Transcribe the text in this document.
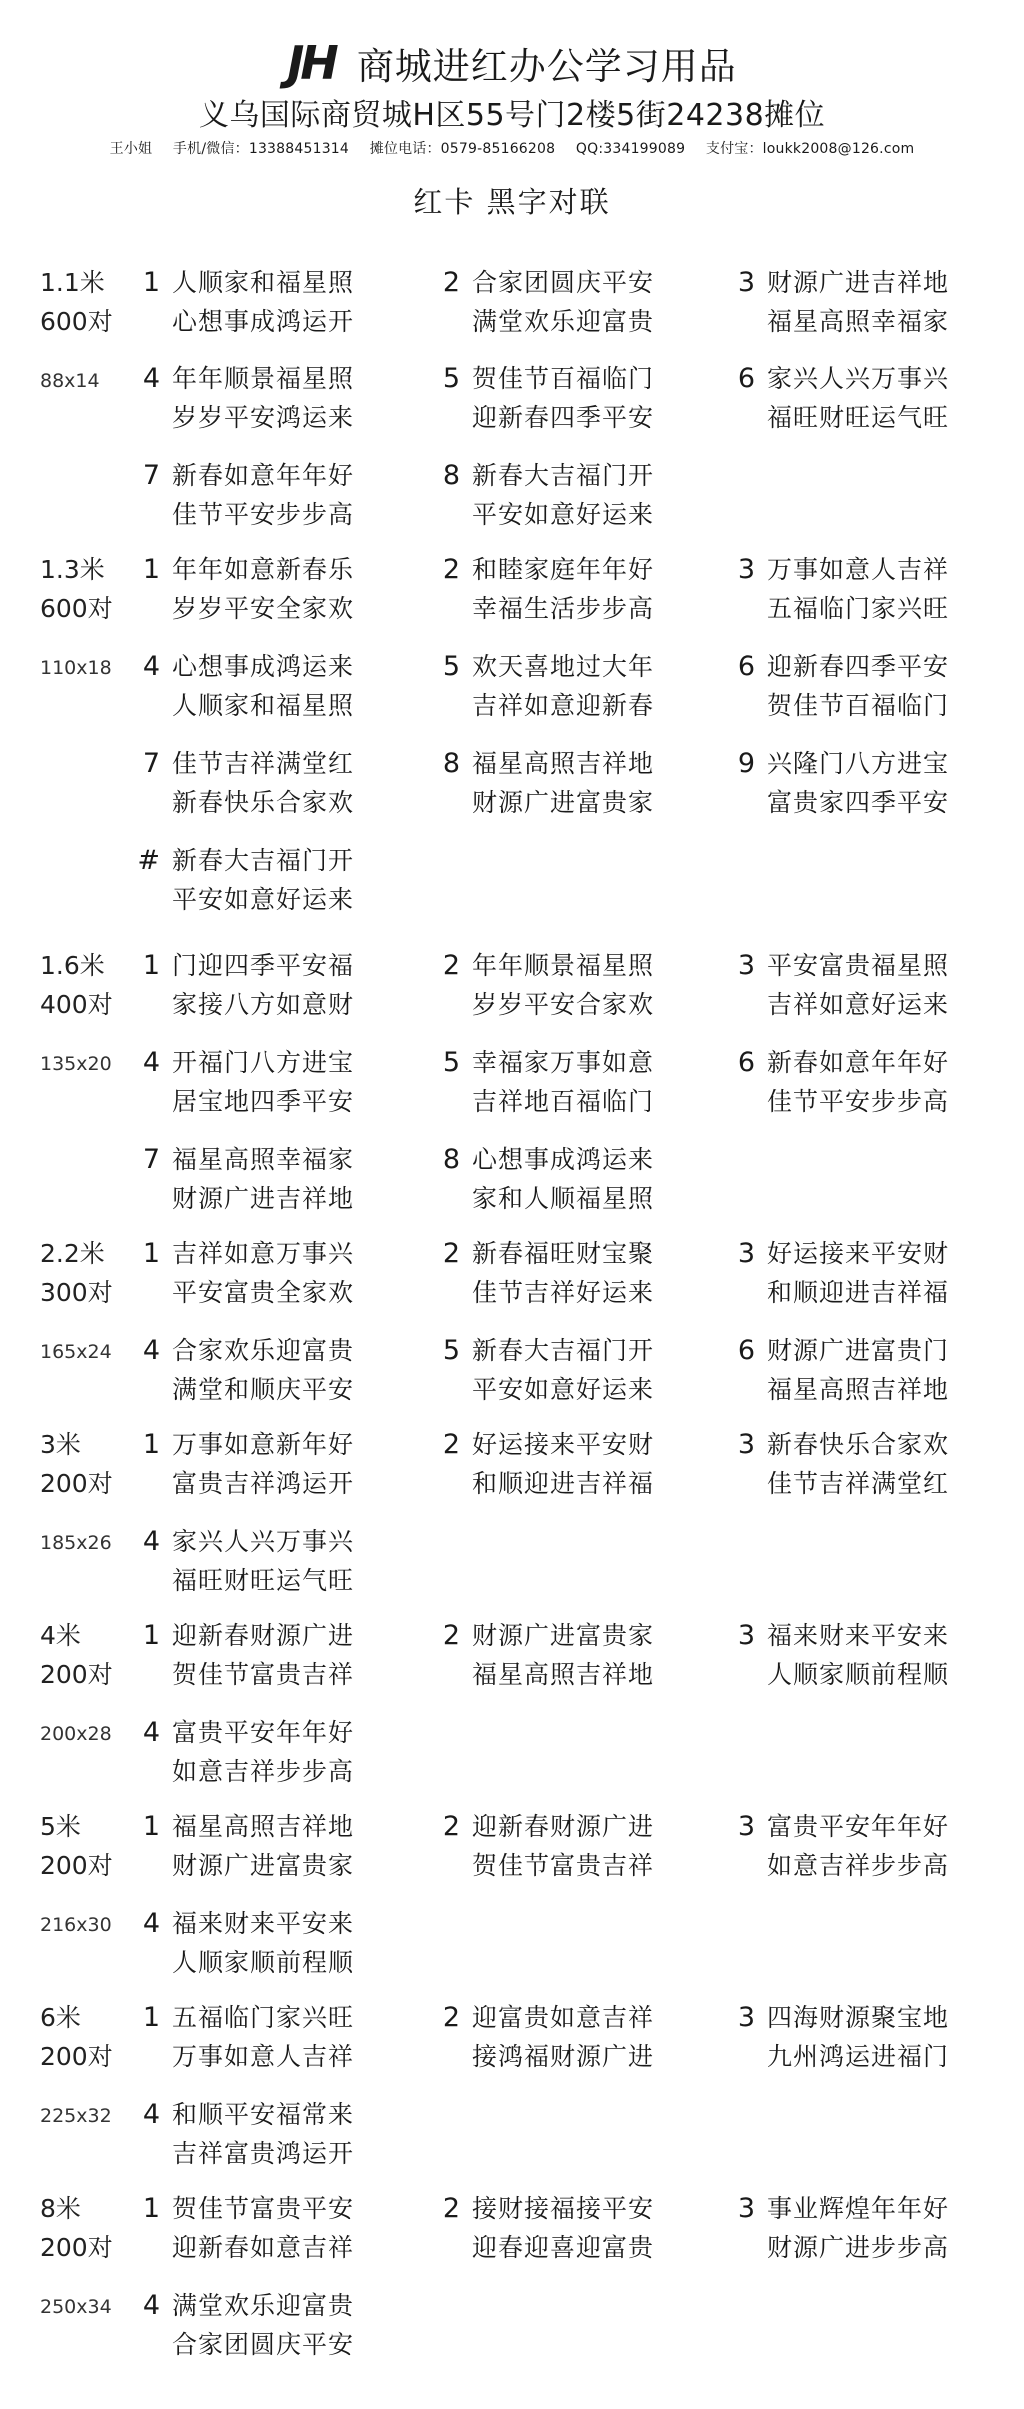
JH 商城进红办公学习用品
义乌国际商贸城H区55号门2楼5街24238摊位
王小姐 手机/微信：13388451314 摊位电话：0579-85166208 QQ:334199089 支付宝：loukk2008@126.com
红卡 黑字对联
1.1米
600对
88x14
1 人顺家和福星照
心想事成鸿运开
2 合家团圆庆平安
满堂欢乐迎富贵
3 财源广进吉祥地
福星高照幸福家
4 年年顺景福星照
岁岁平安鸿运来
5 贺佳节百福临门
迎新春四季平安
6 家兴人兴万事兴
福旺财旺运气旺
7 新春如意年年好
佳节平安步步高
8 新春大吉福门开
平安如意好运来
1.3米
600对
110x18
1 年年如意新春乐
岁岁平安全家欢
2 和睦家庭年年好
幸福生活步步高
3 万事如意人吉祥
五福临门家兴旺
4 心想事成鸿运来
人顺家和福星照
5 欢天喜地过大年
吉祥如意迎新春
6 迎新春四季平安
贺佳节百福临门
7 佳节吉祥满堂红
新春快乐合家欢
8 福星高照吉祥地
财源广进富贵家
9 兴隆门八方进宝
富贵家四季平安
# 新春大吉福门开
平安如意好运来
1.6米
400对
135x20
1 门迎四季平安福
家接八方如意财
2 年年顺景福星照
岁岁平安合家欢
3 平安富贵福星照
吉祥如意好运来
4 开福门八方进宝
居宝地四季平安
5 幸福家万事如意
吉祥地百福临门
6 新春如意年年好
佳节平安步步高
7 福星高照幸福家
财源广进吉祥地
8 心想事成鸿运来
家和人顺福星照
2.2米
300对
165x24
1 吉祥如意万事兴
平安富贵全家欢
2 新春福旺财宝聚
佳节吉祥好运来
3 好运接来平安财
和顺迎进吉祥福
4 合家欢乐迎富贵
满堂和顺庆平安
5 新春大吉福门开
平安如意好运来
6 财源广进富贵门
福星高照吉祥地
3米
200对
185x26
1 万事如意新年好
富贵吉祥鸿运开
2 好运接来平安财
和顺迎进吉祥福
3 新春快乐合家欢
佳节吉祥满堂红
4 家兴人兴万事兴
福旺财旺运气旺
4米
200对
200x28
1 迎新春财源广进
贺佳节富贵吉祥
2 财源广进富贵家
福星高照吉祥地
3 福来财来平安来
人顺家顺前程顺
4 富贵平安年年好
如意吉祥步步高
5米
200对
216x30
1 福星高照吉祥地
财源广进富贵家
2 迎新春财源广进
贺佳节富贵吉祥
3 富贵平安年年好
如意吉祥步步高
4 福来财来平安来
人顺家顺前程顺
6米
200对
225x32
1 五福临门家兴旺
万事如意人吉祥
2 迎富贵如意吉祥
接鸿福财源广进
3 四海财源聚宝地
九州鸿运进福门
4 和顺平安福常来
吉祥富贵鸿运开
8米
200对
250x34
1 贺佳节富贵平安
迎新春如意吉祥
2 接财接福接平安
迎春迎喜迎富贵
3 事业辉煌年年好
财源广进步步高
4 满堂欢乐迎富贵
合家团圆庆平安
